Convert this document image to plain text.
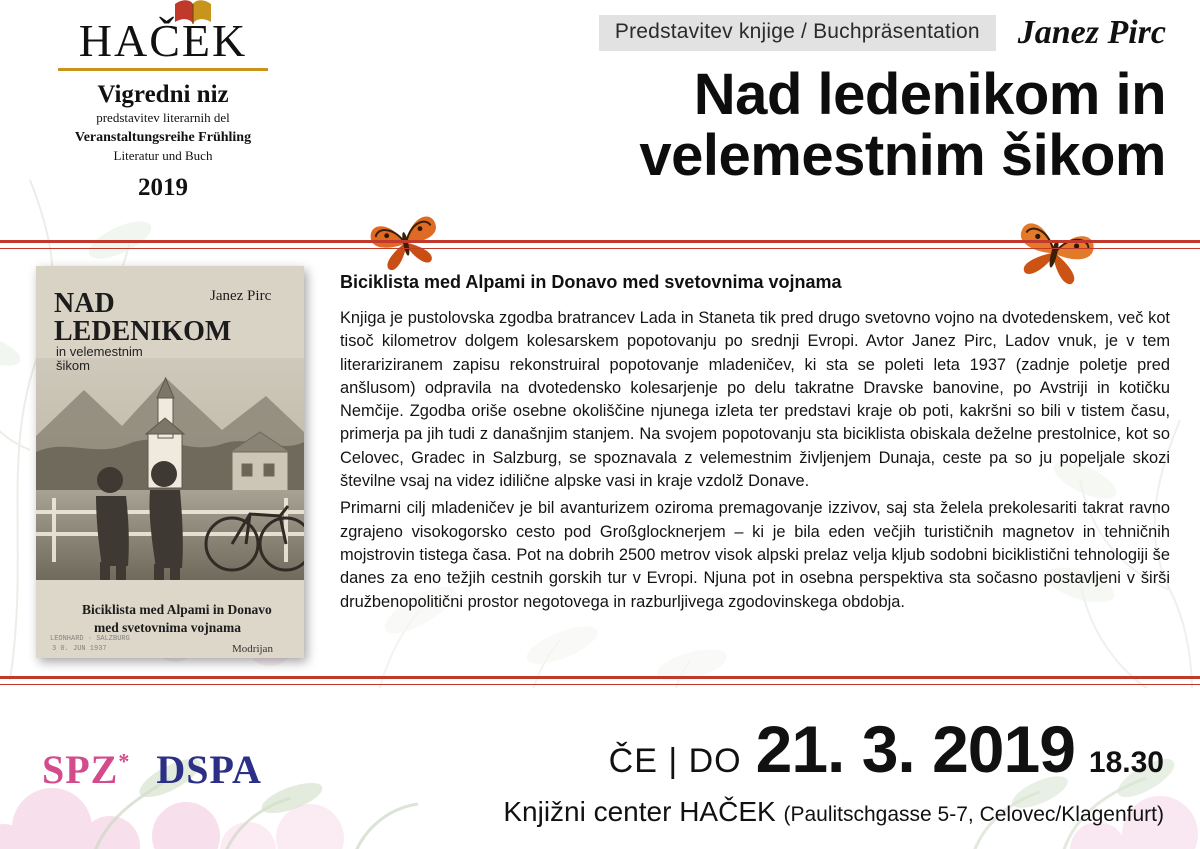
HAČEK
Vigredni niz
predstavitev literarnih del
Veranstaltungsreihe Frühling
Literatur und Buch
2019
Predstavitev knjige / Buchpräsentation	Janez Pirc
Nad ledenikom in
velemestnim šikom
NAD
LEDENIKOM
in velemestnim
šikom
Janez Pirc
Biciklista med Alpami in Donavo
med svetovnima vojnama
Modrijan
LEONHARD · SALZBURG
3 0. JUN 1937
Biciklista med Alpami in Donavo med svetovnima vojnama

Knjiga je pustolovska zgodba bratrancev Lada in Staneta tik pred drugo svetovno vojno na dvotedenskem, več kot tisoč kilometrov dolgem kolesarskem popotovanju po srednji Evropi. Avtor Janez Pirc, Ladov vnuk, je v tem literariziranem zapisu rekonstruiral popotovanje mladeničev, ki sta se poleti leta 1937 (zadnje poletje pred anšlusom) odpravila na dvotedensko kolesarjenje po delu takratne Dravske banovine, po Avstriji in kotičku Nemčije. Zgodba oriše osebne okoliščine njunega izleta ter predstavi kraje ob poti, kakršni so bili v tistem času, primerja pa jih tudi z današnjim stanjem. Na svojem popotovanju sta biciklista obiskala deželne prestolnice, kot so Celovec, Gradec in Salzburg, se spoznavala z velemestnim življenjem Dunaja, ceste pa so ju popeljale skozi številne vsaj na videz idilične alpske vasi in kraje vzdolž Donave.

Primarni cilj mladeničev je bil avanturizem oziroma premagovanje izzivov, saj sta želela prekolesariti takrat ravno zgrajeno visokogorsko cesto pod Großglocknerjem – ki je bila eden večjih turističnih magnetov in tehničnih mojstrovin tistega časa. Pot na dobrih 2500 metrov visok alpski prelaz velja kljub sodobni biciklistični tehnologiji še danes za eno težjih cestnih gorskih tur v Evropi. Njuna pot in osebna perspektiva sta sočasno postavljeni v širši družbenopolitični prostor negotovega in razburljivega zgodovinskega obdobja.

SPZ* DSPA	ČE | DO 21. 3. 2019 18.30
Knjižni center HAČEK (Paulitschgasse 5-7, Celovec/Klagenfurt)
